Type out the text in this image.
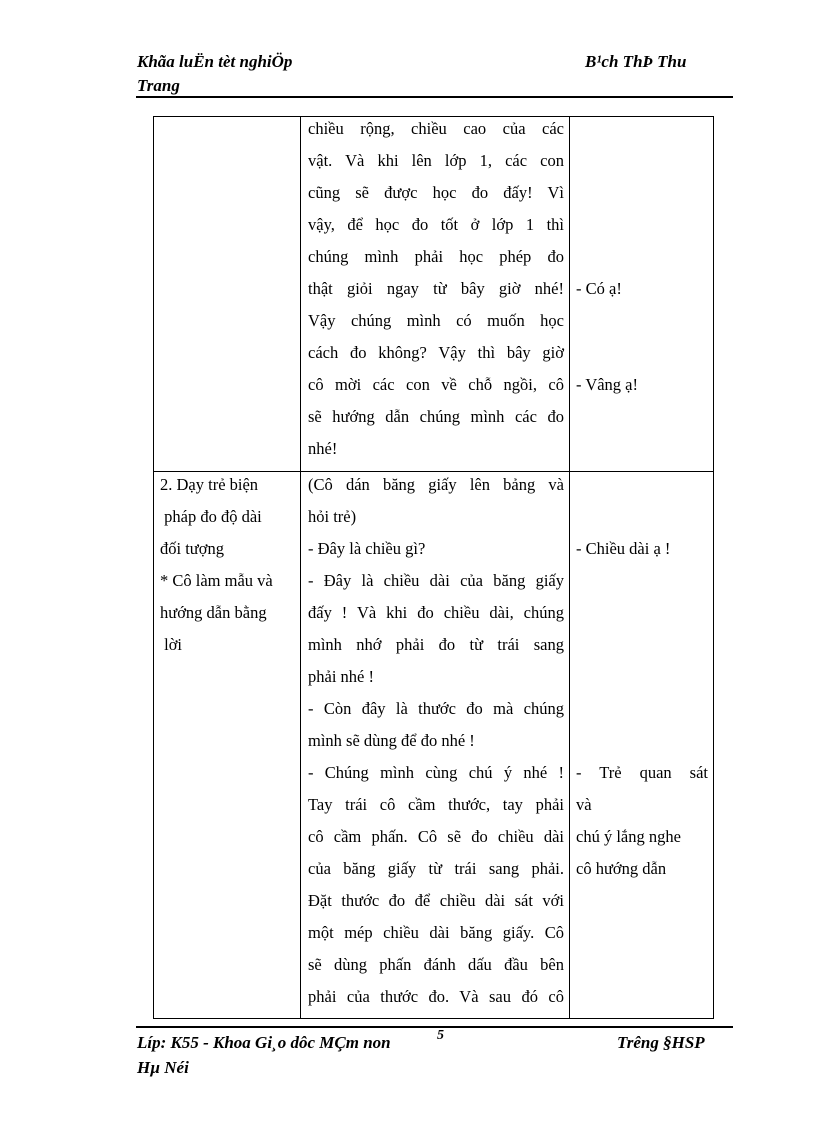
Khãa luËn tèt nghiÖp
Trang
B¹ch ThÞ Thu
chiều rộng, chiều cao của các
vật. Và khi lên lớp 1, các con
cũng sẽ được học đo đấy! Vì
vậy, để học đo tốt ở lớp 1 thì
chúng mình phải học phép đo
thật giỏi ngay từ bây giờ nhé!
Vậy chúng mình có muốn học
cách đo không? Vậy thì bây giờ
cô mời các con về chỗ ngồi, cô
sẽ hướng dẫn chúng mình các đo
nhé!
- Có ạ!
- Vâng ạ!
2. Dạy trẻ biện
pháp đo độ dài
đối tượng
* Cô làm mẫu và
hướng dẫn bằng
lời
(Cô dán băng giấy lên bảng và
hỏi trẻ)
- Đây là chiều gì?
- Đây là chiều dài của băng giấy
đấy ! Và khi đo chiều dài, chúng
mình nhớ phải đo từ trái sang
phải nhé !
- Còn đây là thước đo mà chúng
mình sẽ dùng để đo nhé !
- Chúng mình cùng chú ý nhé !
Tay trái cô cầm thước, tay phải
cô cầm phấn. Cô sẽ đo chiều dài
của băng giấy từ trái sang phải.
Đặt thước đo để chiều dài sát với
một mép chiều dài băng giấy. Cô
sẽ dùng phấn đánh dấu đầu bên
phải của thước đo. Và sau đó cô
- Chiều dài ạ !
- Trẻ quan sát
và
chú ý lắng nghe
cô hướng dẫn
Líp: K55 - Khoa Gi¸o dôc MÇm non
Hµ Néi
5	Trêng §HSP
